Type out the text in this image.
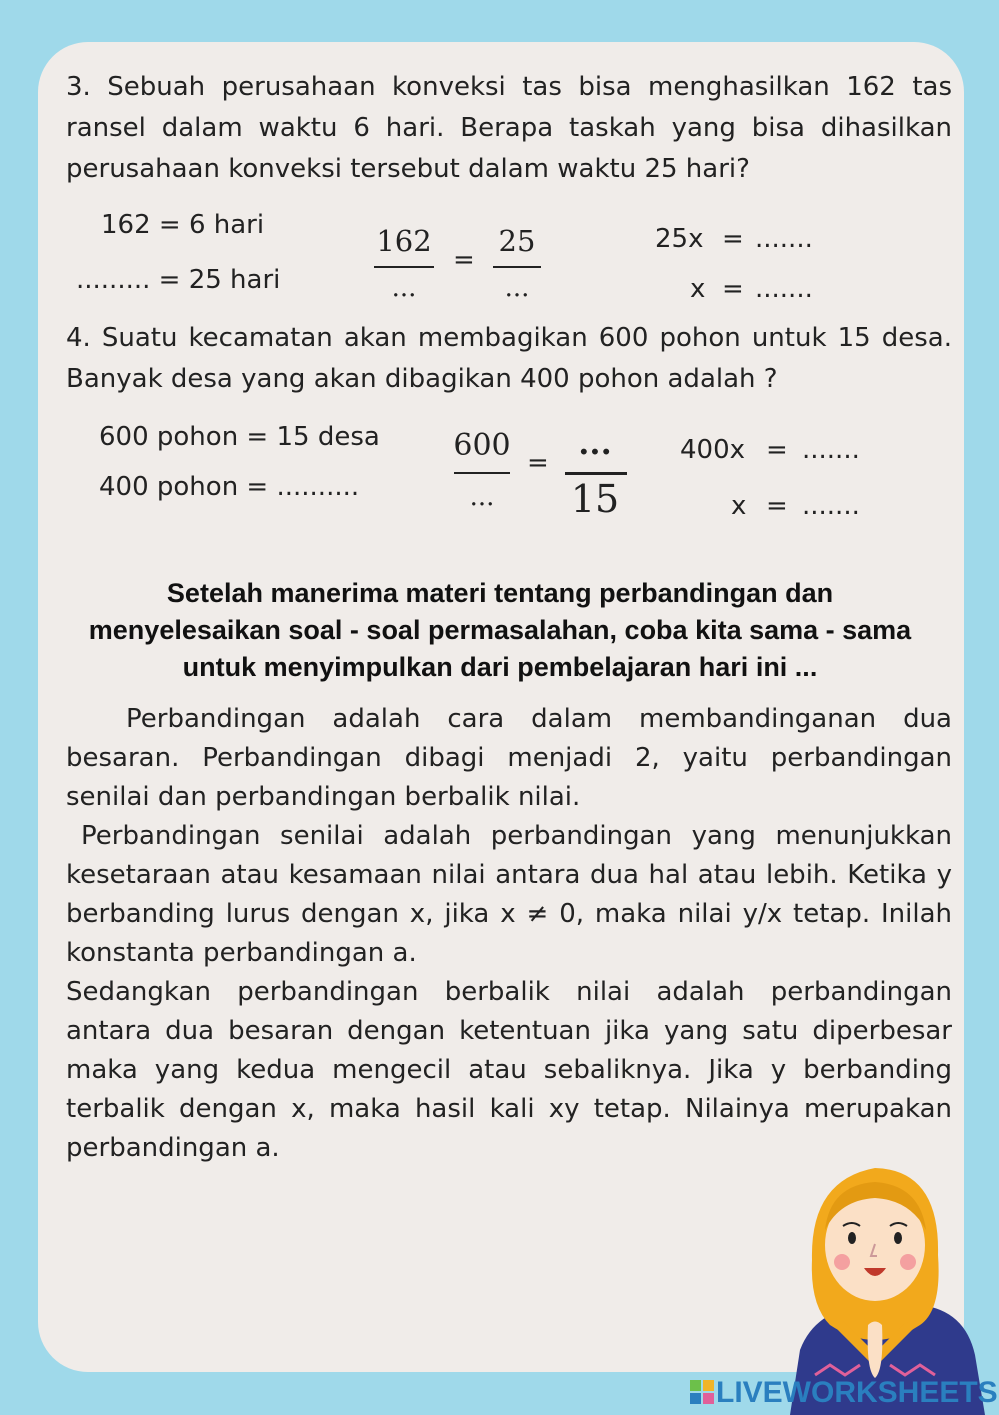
3. Sebuah perusahaan konveksi tas bisa menghasilkan 162 tas ransel dalam waktu 6 hari. Berapa taskah yang bisa dihasilkan perusahaan konveksi tersebut dalam waktu 25 hari?
162 = 6 hari
......... = 25 hari
162
...
=
25
...
25x = .......
x = .......
4. Suatu kecamatan akan membagikan 600 pohon untuk 15 desa. Banyak desa yang akan dibagikan 400 pohon adalah ?
600 pohon = 15 desa
400 pohon = ..........
600
...
=
...
15
400x = .......
x = .......
Setelah manerima materi tentang perbandingan dan
menyelesaikan soal - soal permasalahan, coba kita sama - sama
untuk menyimpulkan dari pembelajaran hari ini ...
Perbandingan adalah cara dalam membandinganan dua besaran. Perbandingan dibagi menjadi 2, yaitu perbandingan senilai dan perbandingan berbalik nilai.
Perbandingan senilai adalah perbandingan yang menunjukkan kesetaraan atau kesamaan nilai antara dua hal atau lebih. Ketika y berbanding lurus dengan x, jika x ≠ 0, maka nilai y/x tetap. Inilah konstanta perbandingan a.
Sedangkan perbandingan berbalik nilai adalah perbandingan antara dua besaran dengan ketentuan jika yang satu diperbesar maka yang kedua mengecil atau sebaliknya. Jika y berbanding terbalik dengan x, maka hasil kali xy tetap. Nilainya merupakan perbandingan a.
LIVEWORKSHEETS
